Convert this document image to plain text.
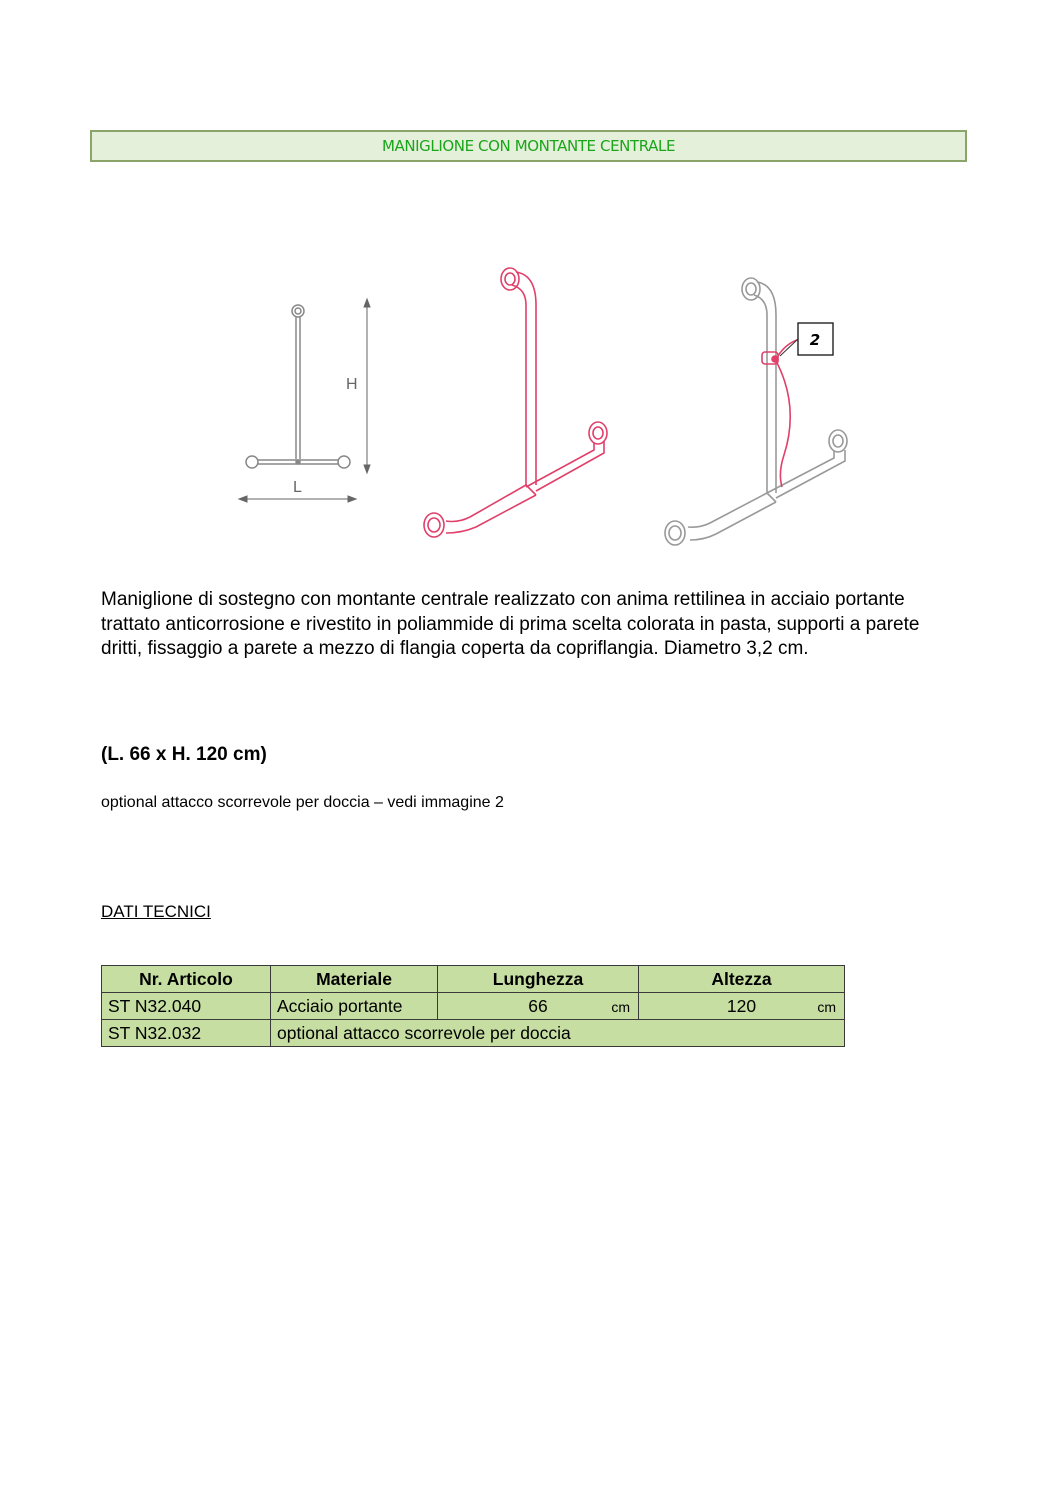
MANIGLIONE CON MONTANTE CENTRALE
H
L
2

Maniglione di sostegno con montante centrale realizzato con anima rettilinea in acciaio portante trattato anticorrosione e rivestito in poliammide di prima scelta colorata in pasta, supporti a parete dritti, fissaggio a parete a mezzo di flangia coperta da copriflangia. Diametro 3,2 cm.

(L. 66 x H. 120 cm)

optional attacco scorrevole per doccia – vedi immagine 2

DATI TECNICI

Nr. Articolo	Materiale	Lunghezza	Altezza
ST N32.040	Acciaio portante	66 cm	120 cm

ST N32.032	optional attacco scorrevole per doccia		
